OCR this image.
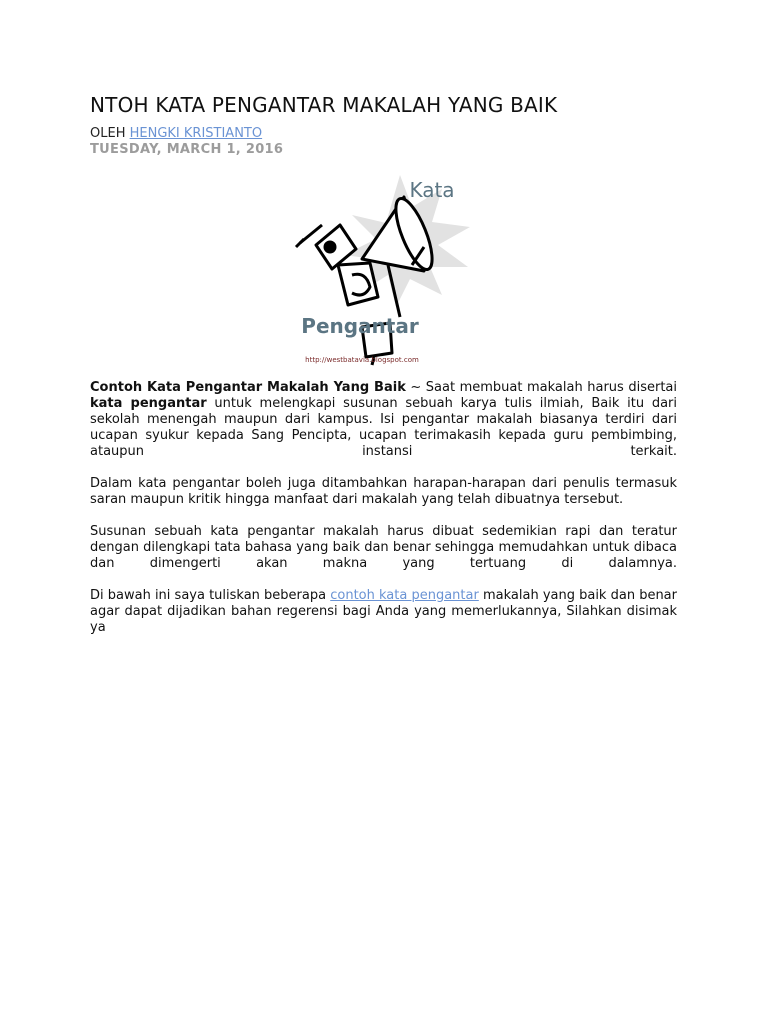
NTOH KATA PENGANTAR MAKALAH YANG BAIK
OLEH HENGKI KRISTIANTO
TUESDAY, MARCH 1, 2016
Kata
Pengantar
http://westbatavia.blogspot.com

Contoh Kata Pengantar Makalah Yang Baik ~ Saat membuat makalah harus disertai kata pengantar untuk melengkapi susunan sebuah karya tulis ilmiah, Baik itu dari sekolah menengah maupun dari kampus. Isi pengantar makalah biasanya terdiri dari ucapan syukur kepada Sang Pencipta, ucapan terimakasih kepada guru pembimbing, ataupun instansi terkait.

Dalam kata pengantar boleh juga ditambahkan harapan-harapan dari penulis termasuk saran maupun kritik hingga manfaat dari makalah yang telah dibuatnya tersebut.

Susunan sebuah kata pengantar makalah harus dibuat sedemikian rapi dan teratur dengan dilengkapi tata bahasa yang baik dan benar sehingga memudahkan untuk dibaca dan dimengerti akan makna yang tertuang di dalamnya.

Di bawah ini saya tuliskan beberapa contoh kata pengantar makalah yang baik dan benar agar dapat dijadikan bahan regerensi bagi Anda yang memerlukannya, Silahkan disimak ya
